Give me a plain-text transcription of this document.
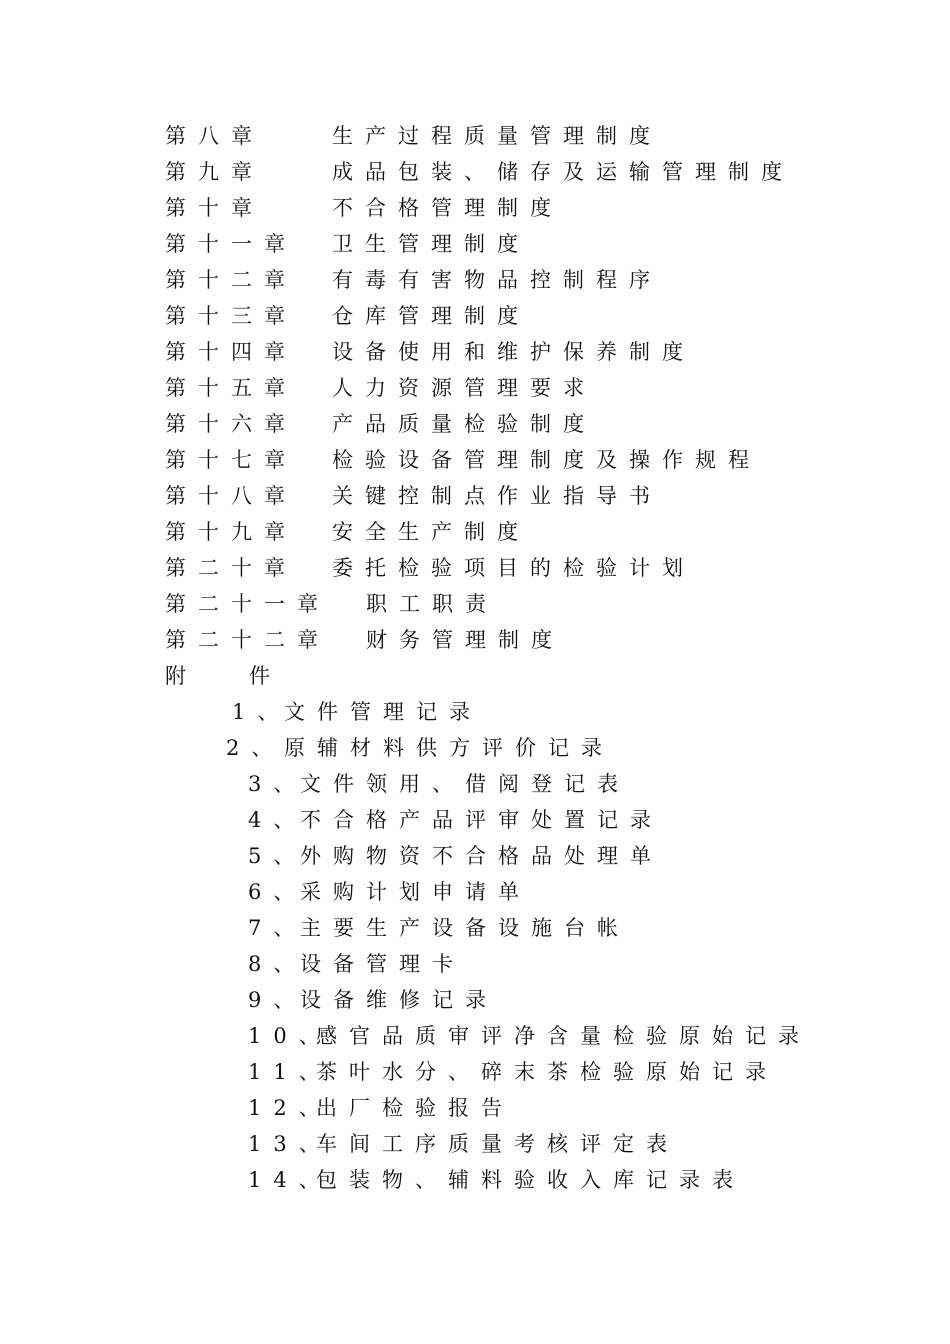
第八章	生产过程质量管理制度
第九章	成品包装、储存及运输管理制度
第十章	不合格管理制度
第十一章 卫生管理制度
第十二章 有毒有害物品控制程序
第十三章 仓库管理制度
第十四章 设备使用和维护保养制度
第十五章 人力资源管理要求
第十六章 产品质量检验制度
第十七章 检验设备管理制度及操作规程
第十八章 关键控制点作业指导书
第十九章 安全生产制度
第二十章 委托检验项目的检验计划
第二十一章 职工职责
第二十二章 财务管理制度
附 件
1、
文件管理记录
2、 原辅材料供方评价记录
3、
文件领用、借阅登记表
4、
不合格产品评审处置记录
5、
外购物资不合格品处理单
6、
采购计划申请单
7、
主要生产设备设施台帐
8、
设备管理卡
9、
设备维修记录
10、
感官品质审评净含量检验原始记录
11、
茶叶水分、碎末茶检验原始记录
12、
出厂检验报告
13、
车间工序质量考核评定表
14、
包装物、辅料验收入库记录表
